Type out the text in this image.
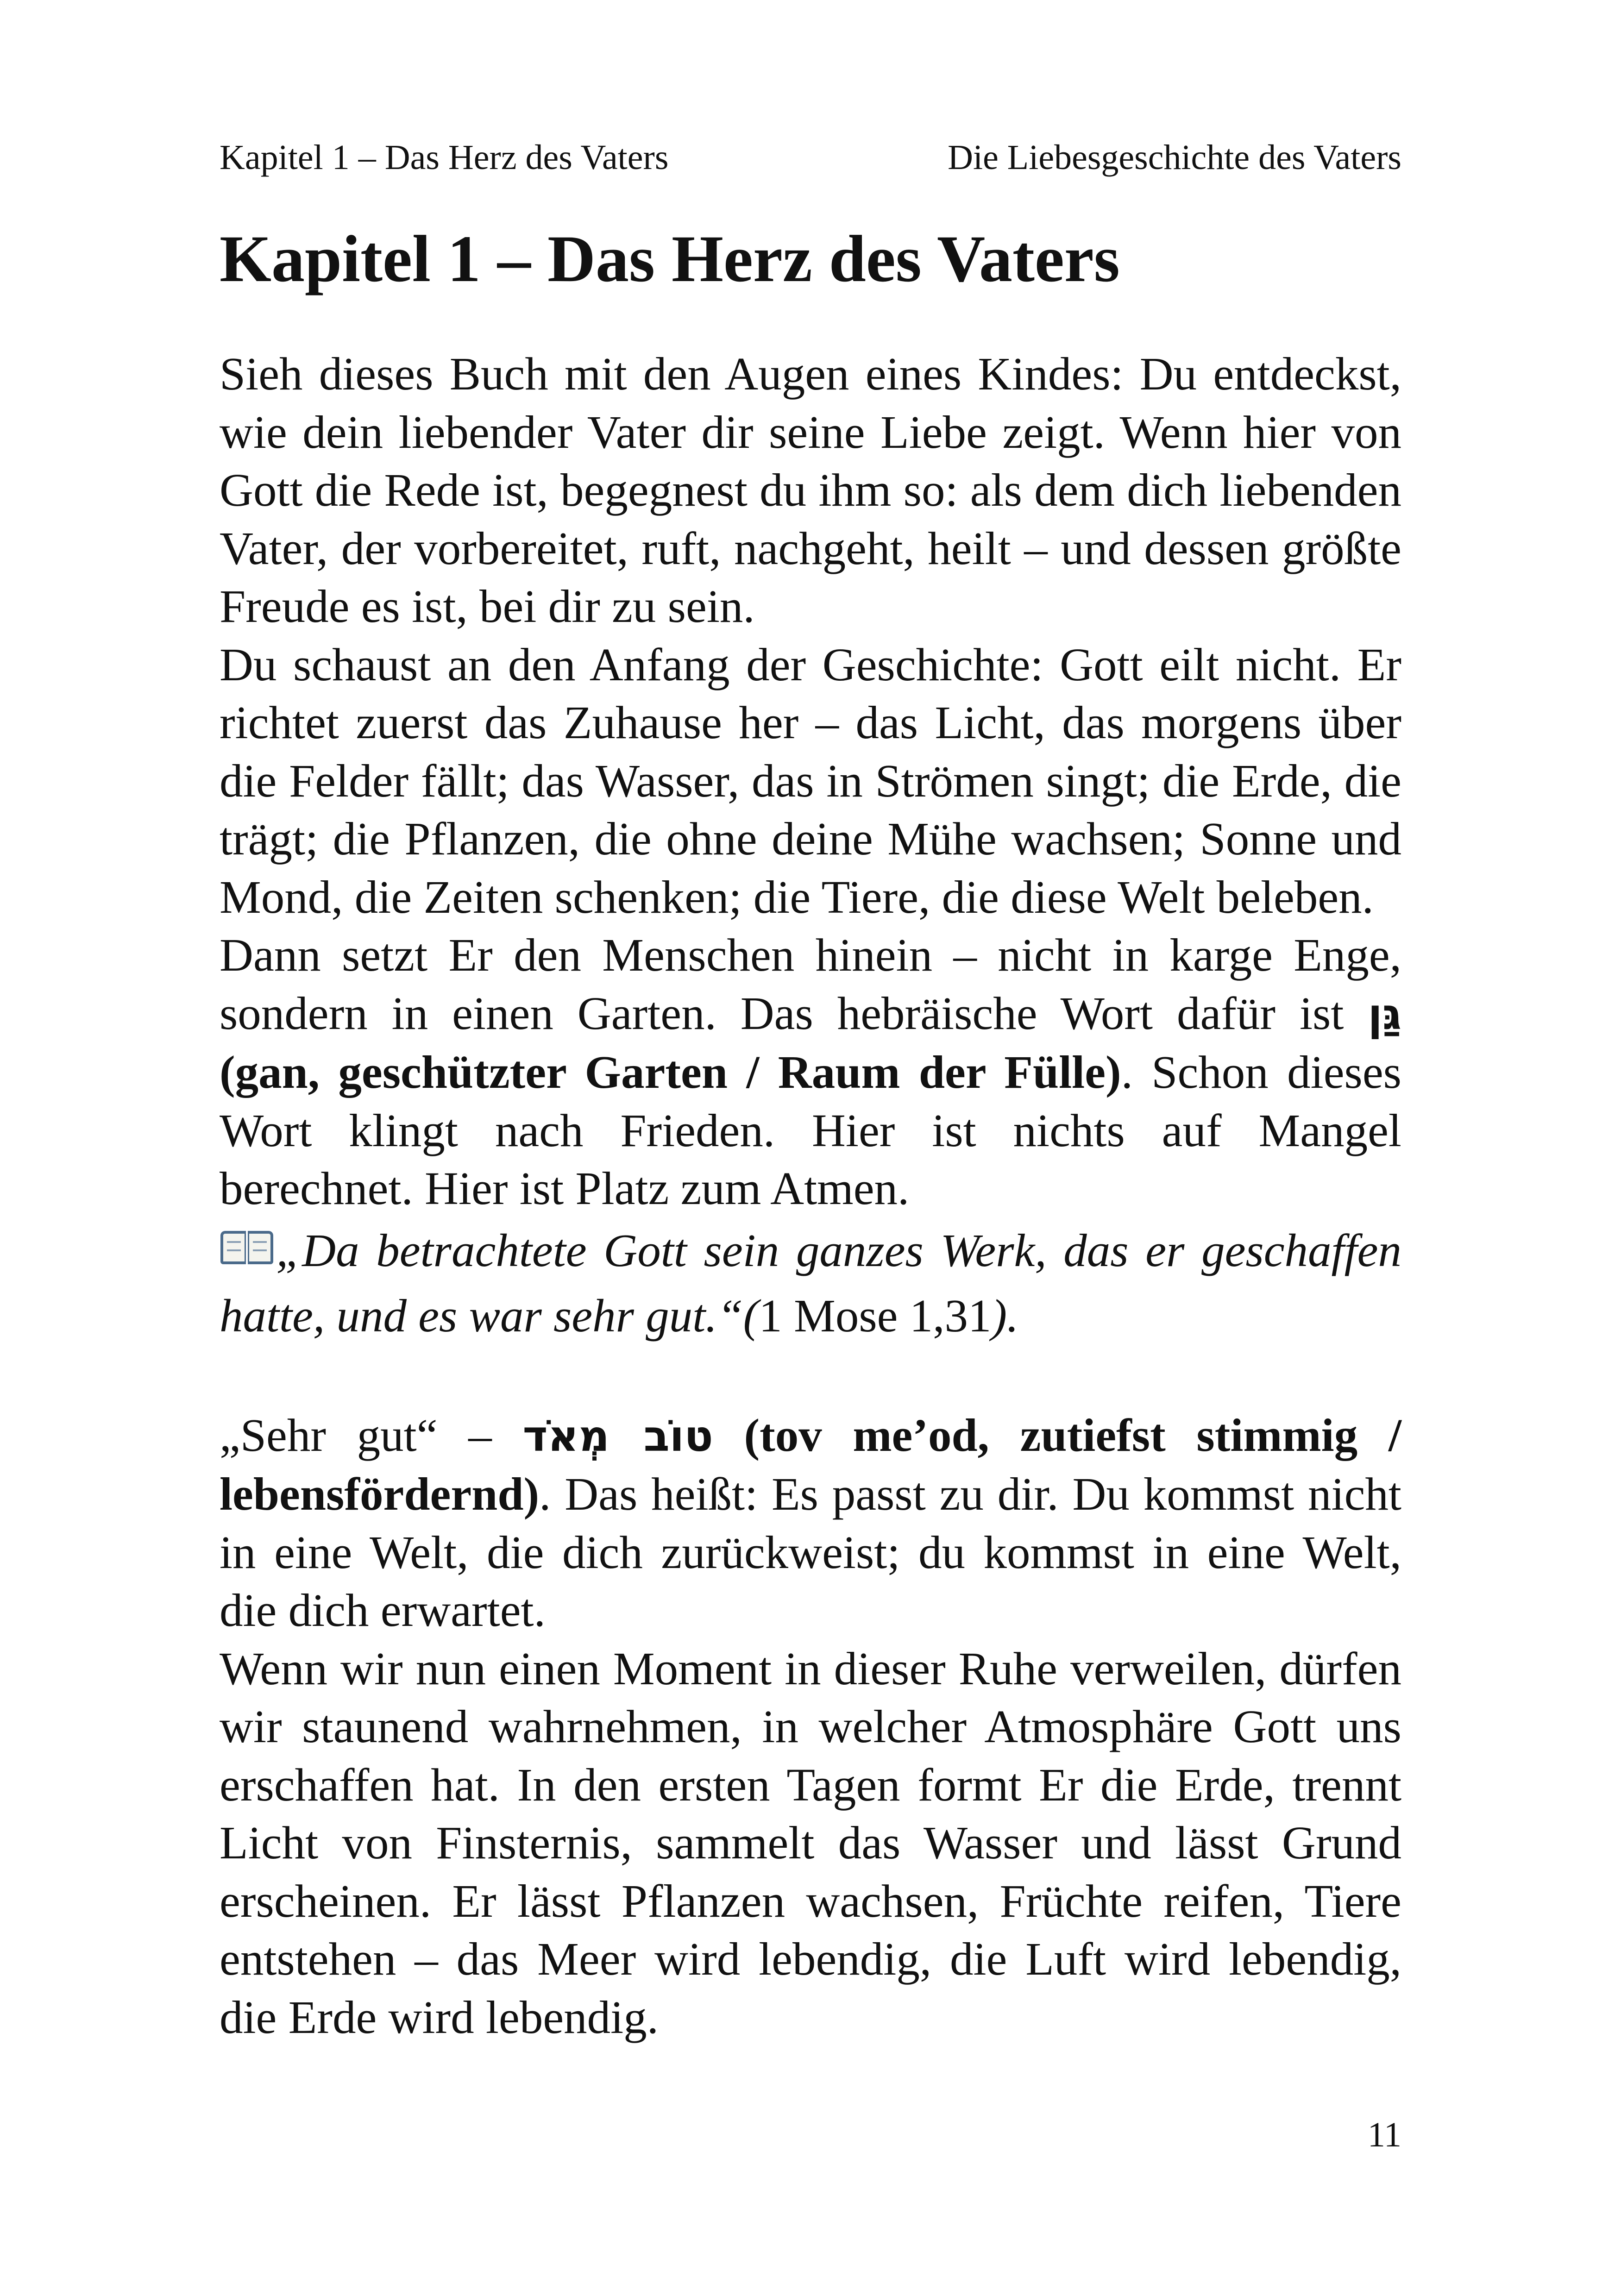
Kapitel 1 – Das Herz des Vaters	Die Liebesgeschichte des Vaters
Kapitel 1 – Das Herz des Vaters

Sieh dieses Buch mit den Augen eines Kindes: Du entdeckst, wie dein liebender Vater dir seine Liebe zeigt. Wenn hier von Gott die Rede ist, begegnest du ihm so: als dem dich liebenden Vater, der vorbereitet, ruft, nachgeht, heilt – und dessen größte Freude es ist, bei dir zu sein.

Du schaust an den Anfang der Geschichte: Gott eilt nicht. Er richtet zuerst das Zuhause her – das Licht, das morgens über die Felder fällt; das Wasser, das in Strömen singt; die Erde, die trägt; die Pflanzen, die ohne deine Mühe wachsen; Sonne und Mond, die Zeiten schenken; die Tiere, die diese Welt beleben.

Dann setzt Er den Menschen hinein – nicht in karge Enge, sondern in einen Garten. Das hebräische Wort dafür ist גַּן (gan, geschützter Garten / Raum der Fülle). Schon dieses Wort klingt nach Frieden. Hier ist nichts auf Mangel berechnet. Hier ist Platz zum Atmen.

„Da betrachtete Gott sein ganzes Werk, das er geschaffen hatte, und es war sehr gut.“(1 Mose 1,31).

„Sehr gut“ – טוֹב מְאֹד (tov me’od, zutiefst stimmig / lebensfördernd). Das heißt: Es passt zu dir. Du kommst nicht in eine Welt, die dich zurückweist; du kommst in eine Welt, die dich erwartet.

Wenn wir nun einen Moment in dieser Ruhe verweilen, dürfen wir staunend wahrnehmen, in welcher Atmosphäre Gott uns erschaffen hat. In den ersten Tagen formt Er die Erde, trennt Licht von Finsternis, sammelt das Wasser und lässt Grund erscheinen. Er lässt Pflanzen wachsen, Früchte reifen, Tiere entstehen – das Meer wird lebendig, die Luft wird lebendig, die Erde wird lebendig.

11
